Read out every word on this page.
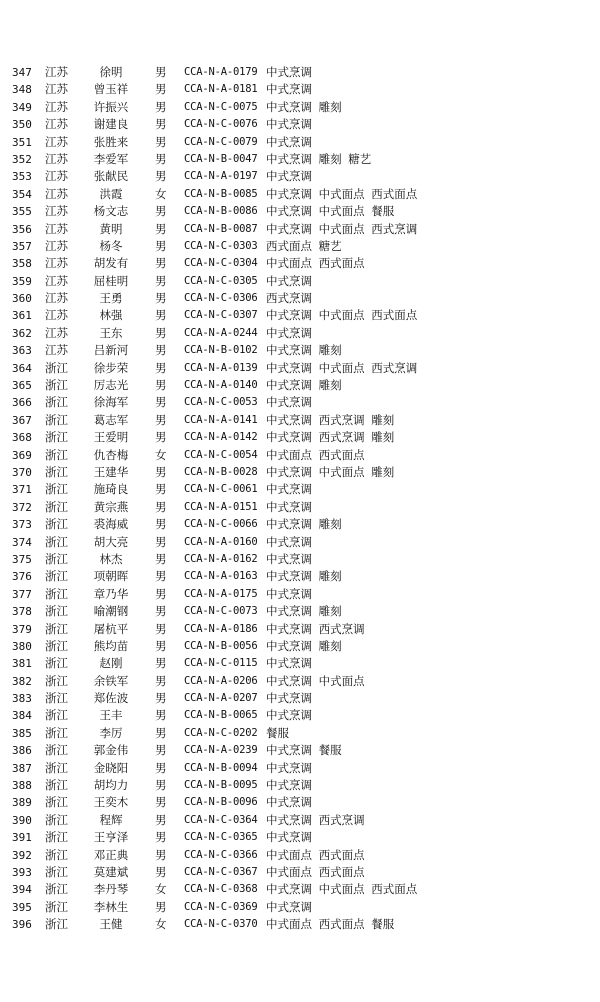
347 江苏	徐明	男 CCA-N-A-0179 中式烹调
348 江苏	曾玉祥	男 CCA-N-A-0181 中式烹调
349 江苏	许振兴	男 CCA-N-C-0075 中式烹调 雕刻
350 江苏	谢建良	男 CCA-N-C-0076 中式烹调
351 江苏	张胜来	男 CCA-N-C-0079 中式烹调
352 江苏	李爱军	男 CCA-N-B-0047 中式烹调 雕刻 糖艺
353 江苏	张献民	男 CCA-N-A-0197 中式烹调
354 江苏	洪霞	女 CCA-N-B-0085 中式烹调 中式面点 西式面点
355 江苏	杨文志	男 CCA-N-B-0086 中式烹调 中式面点 餐服
356 江苏	黄明	男 CCA-N-B-0087 中式烹调 中式面点 西式烹调
357 江苏	杨冬	男 CCA-N-C-0303 西式面点 糖艺
358 江苏	胡发有	男 CCA-N-C-0304 中式面点 西式面点
359 江苏	屈桂明	男 CCA-N-C-0305 中式烹调
360 江苏	王勇	男 CCA-N-C-0306 西式烹调
361 江苏	林强	男 CCA-N-C-0307 中式烹调 中式面点 西式面点
362 江苏	王东	男 CCA-N-A-0244 中式烹调
363 江苏	吕新河	男 CCA-N-B-0102 中式烹调 雕刻
364 浙江	徐步荣	男 CCA-N-A-0139 中式烹调 中式面点 西式烹调
365 浙江	厉志光	男 CCA-N-A-0140 中式烹调 雕刻
366 浙江	徐海军	男 CCA-N-C-0053 中式烹调
367 浙江	葛志军	男 CCA-N-A-0141 中式烹调 西式烹调 雕刻
368 浙江	王爱明	男 CCA-N-A-0142 中式烹调 西式烹调 雕刻
369 浙江	仇杏梅	女 CCA-N-C-0054 中式面点 西式面点
370 浙江	王建华	男 CCA-N-B-0028 中式烹调 中式面点 雕刻
371 浙江	施琦良	男 CCA-N-C-0061 中式烹调
372 浙江	黄宗燕	男 CCA-N-A-0151 中式烹调
373 浙江	裘海威	男 CCA-N-C-0066 中式烹调 雕刻
374 浙江	胡大亮	男 CCA-N-A-0160 中式烹调
375 浙江	林杰	男 CCA-N-A-0162 中式烹调
376 浙江	项朝晖	男 CCA-N-A-0163 中式烹调 雕刻
377 浙江	章乃华	男 CCA-N-A-0175 中式烹调
378 浙江	喻潮钢	男 CCA-N-C-0073 中式烹调 雕刻
379 浙江	屠杭平	男 CCA-N-A-0186 中式烹调 西式烹调
380 浙江	熊均苗	男 CCA-N-B-0056 中式烹调 雕刻
381 浙江	赵刚	男 CCA-N-C-0115 中式烹调
382 浙江	余铁军	男 CCA-N-A-0206 中式烹调 中式面点
383 浙江	郑佐波	男 CCA-N-A-0207 中式烹调
384 浙江	王丰	男 CCA-N-B-0065 中式烹调
385 浙江	李厉	男 CCA-N-C-0202 餐服
386 浙江	郭金伟	男 CCA-N-A-0239 中式烹调 餐服
387 浙江	金晓阳	男 CCA-N-B-0094 中式烹调
388 浙江	胡均力	男 CCA-N-B-0095 中式烹调
389 浙江	王奕木	男 CCA-N-B-0096 中式烹调
390 浙江	程辉	男 CCA-N-C-0364 中式烹调 西式烹调
391 浙江	王亨泽	男 CCA-N-C-0365 中式烹调
392 浙江	邓正典	男 CCA-N-C-0366 中式面点 西式面点
393 浙江	莫建斌	男 CCA-N-C-0367 中式面点 西式面点
394 浙江	李丹琴	女 CCA-N-C-0368 中式烹调 中式面点 西式面点
395 浙江	李林生	男 CCA-N-C-0369 中式烹调
396 浙江	王健	女 CCA-N-C-0370 中式面点 西式面点 餐服
